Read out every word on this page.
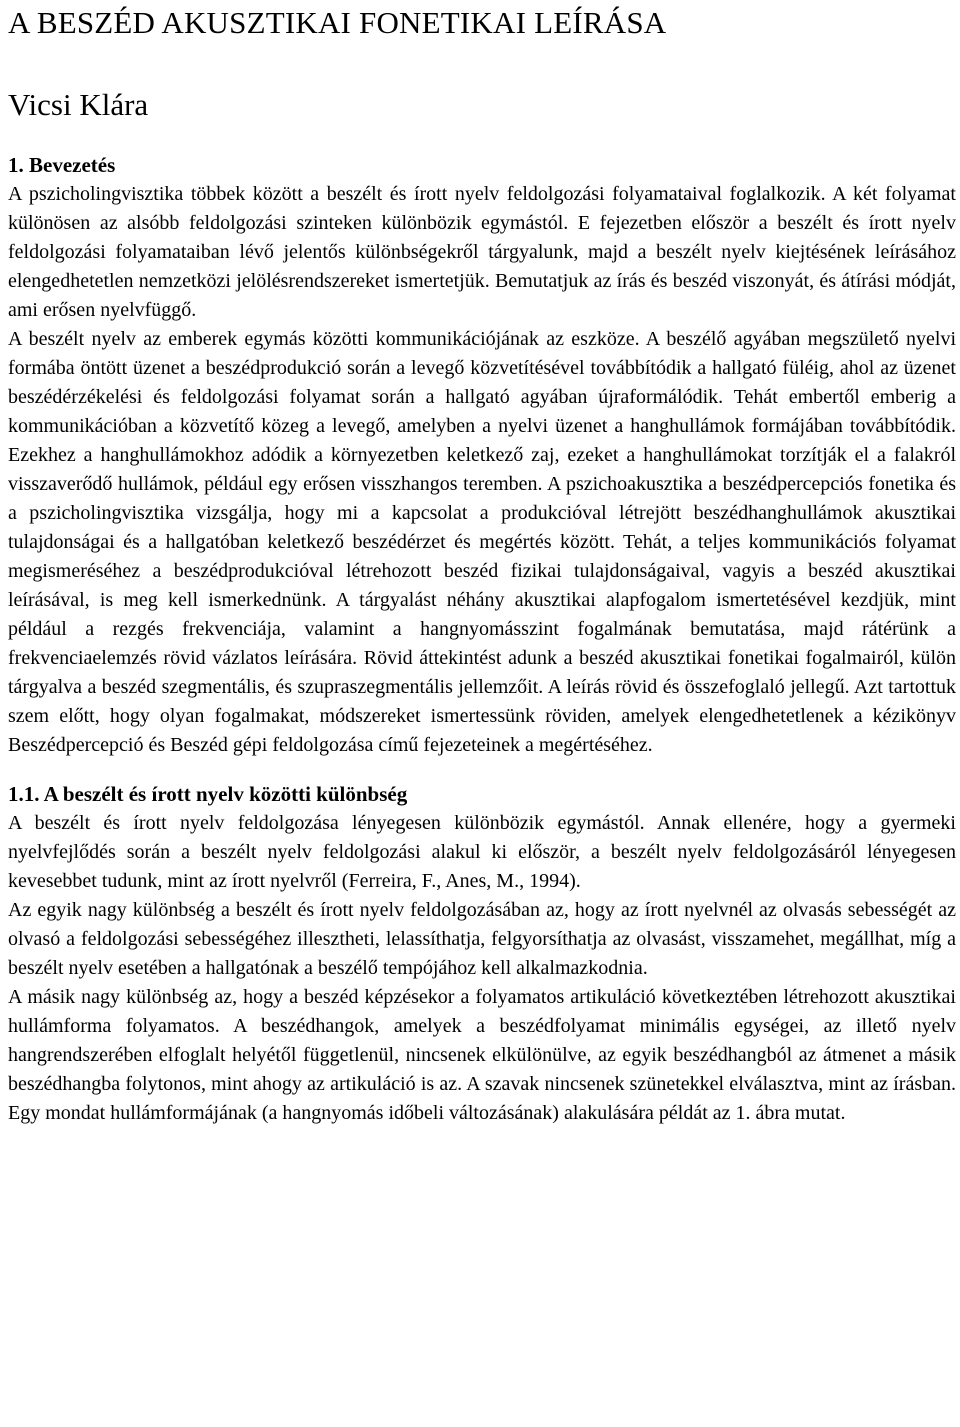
A BESZÉD AKUSZTIKAI FONETIKAI LEÍRÁSA
Vicsi Klára
1. Bevezetés

A pszicholingvisztika többek között a beszélt és írott nyelv feldolgozási folyamataival foglalkozik. A két folyamat különösen az alsóbb feldolgozási szinteken különbözik egymástól. E fejezetben először a beszélt és írott nyelv feldolgozási folyamataiban lévő jelentős különbségekről tárgyalunk, majd a beszélt nyelv kiejtésének leírásához elengedhetetlen nemzetközi jelölésrendszereket ismertetjük. Bemutatjuk az írás és beszéd viszonyát, és átírási módját, ami erősen nyelvfüggő.

A beszélt nyelv az emberek egymás közötti kommunikációjának az eszköze. A beszélő agyában megszülető nyelvi formába öntött üzenet a beszédprodukció során a levegő közvetítésével továbbítódik a hallgató füléig, ahol az üzenet beszédérzékelési és feldolgozási folyamat során a hallgató agyában újraformálódik. Tehát embertől emberig a kommunikációban a közvetítő közeg a levegő, amelyben a nyelvi üzenet a hanghullámok formájában továbbítódik. Ezekhez a hanghullámokhoz adódik a környezetben keletkező zaj, ezeket a hanghullámokat torzítják el a falakról visszaverődő hullámok, például egy erősen visszhangos teremben. A pszichoakusztika a beszédpercepciós fonetika és a pszicholingvisztika vizsgálja, hogy mi a kapcsolat a produkcióval létrejött beszédhanghullámok akusztikai tulajdonságai és a hallgatóban keletkező beszédérzet és megértés között. Tehát, a teljes kommunikációs folyamat megismeréséhez a beszédprodukcióval létrehozott beszéd fizikai tulajdonságaival, vagyis a beszéd akusztikai leírásával, is meg kell ismerkednünk. A tárgyalást néhány akusztikai alapfogalom ismertetésével kezdjük, mint például a rezgés frekvenciája, valamint a hangnyomásszint fogalmának bemutatása, majd rátérünk a frekvenciaelemzés rövid vázlatos leírására. Rövid áttekintést adunk a beszéd akusztikai fonetikai fogalmairól, külön tárgyalva a beszéd szegmentális, és szupraszegmentális jellemzőit. A leírás rövid és összefoglaló jellegű. Azt tartottuk szem előtt, hogy olyan fogalmakat, módszereket ismertessünk röviden, amelyek elengedhetetlenek a kézikönyv Beszédpercepció és Beszéd gépi feldolgozása című fejezeteinek a megértéséhez.

1.1. A beszélt és írott nyelv közötti különbség

A beszélt és írott nyelv feldolgozása lényegesen különbözik egymástól. Annak ellenére, hogy a gyermeki nyelvfejlődés során a beszélt nyelv feldolgozási alakul ki először, a beszélt nyelv feldolgozásáról lényegesen kevesebbet tudunk, mint az írott nyelvről (Ferreira, F., Anes, M., 1994).

Az egyik nagy különbség a beszélt és írott nyelv feldolgozásában az, hogy az írott nyelvnél az olvasás sebességét az olvasó a feldolgozási sebességéhez illesztheti, lelassíthatja, felgyorsíthatja az olvasást, visszamehet, megállhat, míg a beszélt nyelv esetében a hallgatónak a beszélő tempójához kell alkalmazkodnia.

A másik nagy különbség az, hogy a beszéd képzésekor a folyamatos artikuláció következtében létrehozott akusztikai hullámforma folyamatos. A beszédhangok, amelyek a beszédfolyamat minimális egységei, az illető nyelv hangrendszerében elfoglalt helyétől függetlenül, nincsenek elkülönülve, az egyik beszédhangból az átmenet a másik beszédhangba folytonos, mint ahogy az artikuláció is az. A szavak nincsenek szünetekkel elválasztva, mint az írásban. Egy mondat hullámformájának (a hangnyomás időbeli változásának) alakulására példát az 1. ábra mutat.
